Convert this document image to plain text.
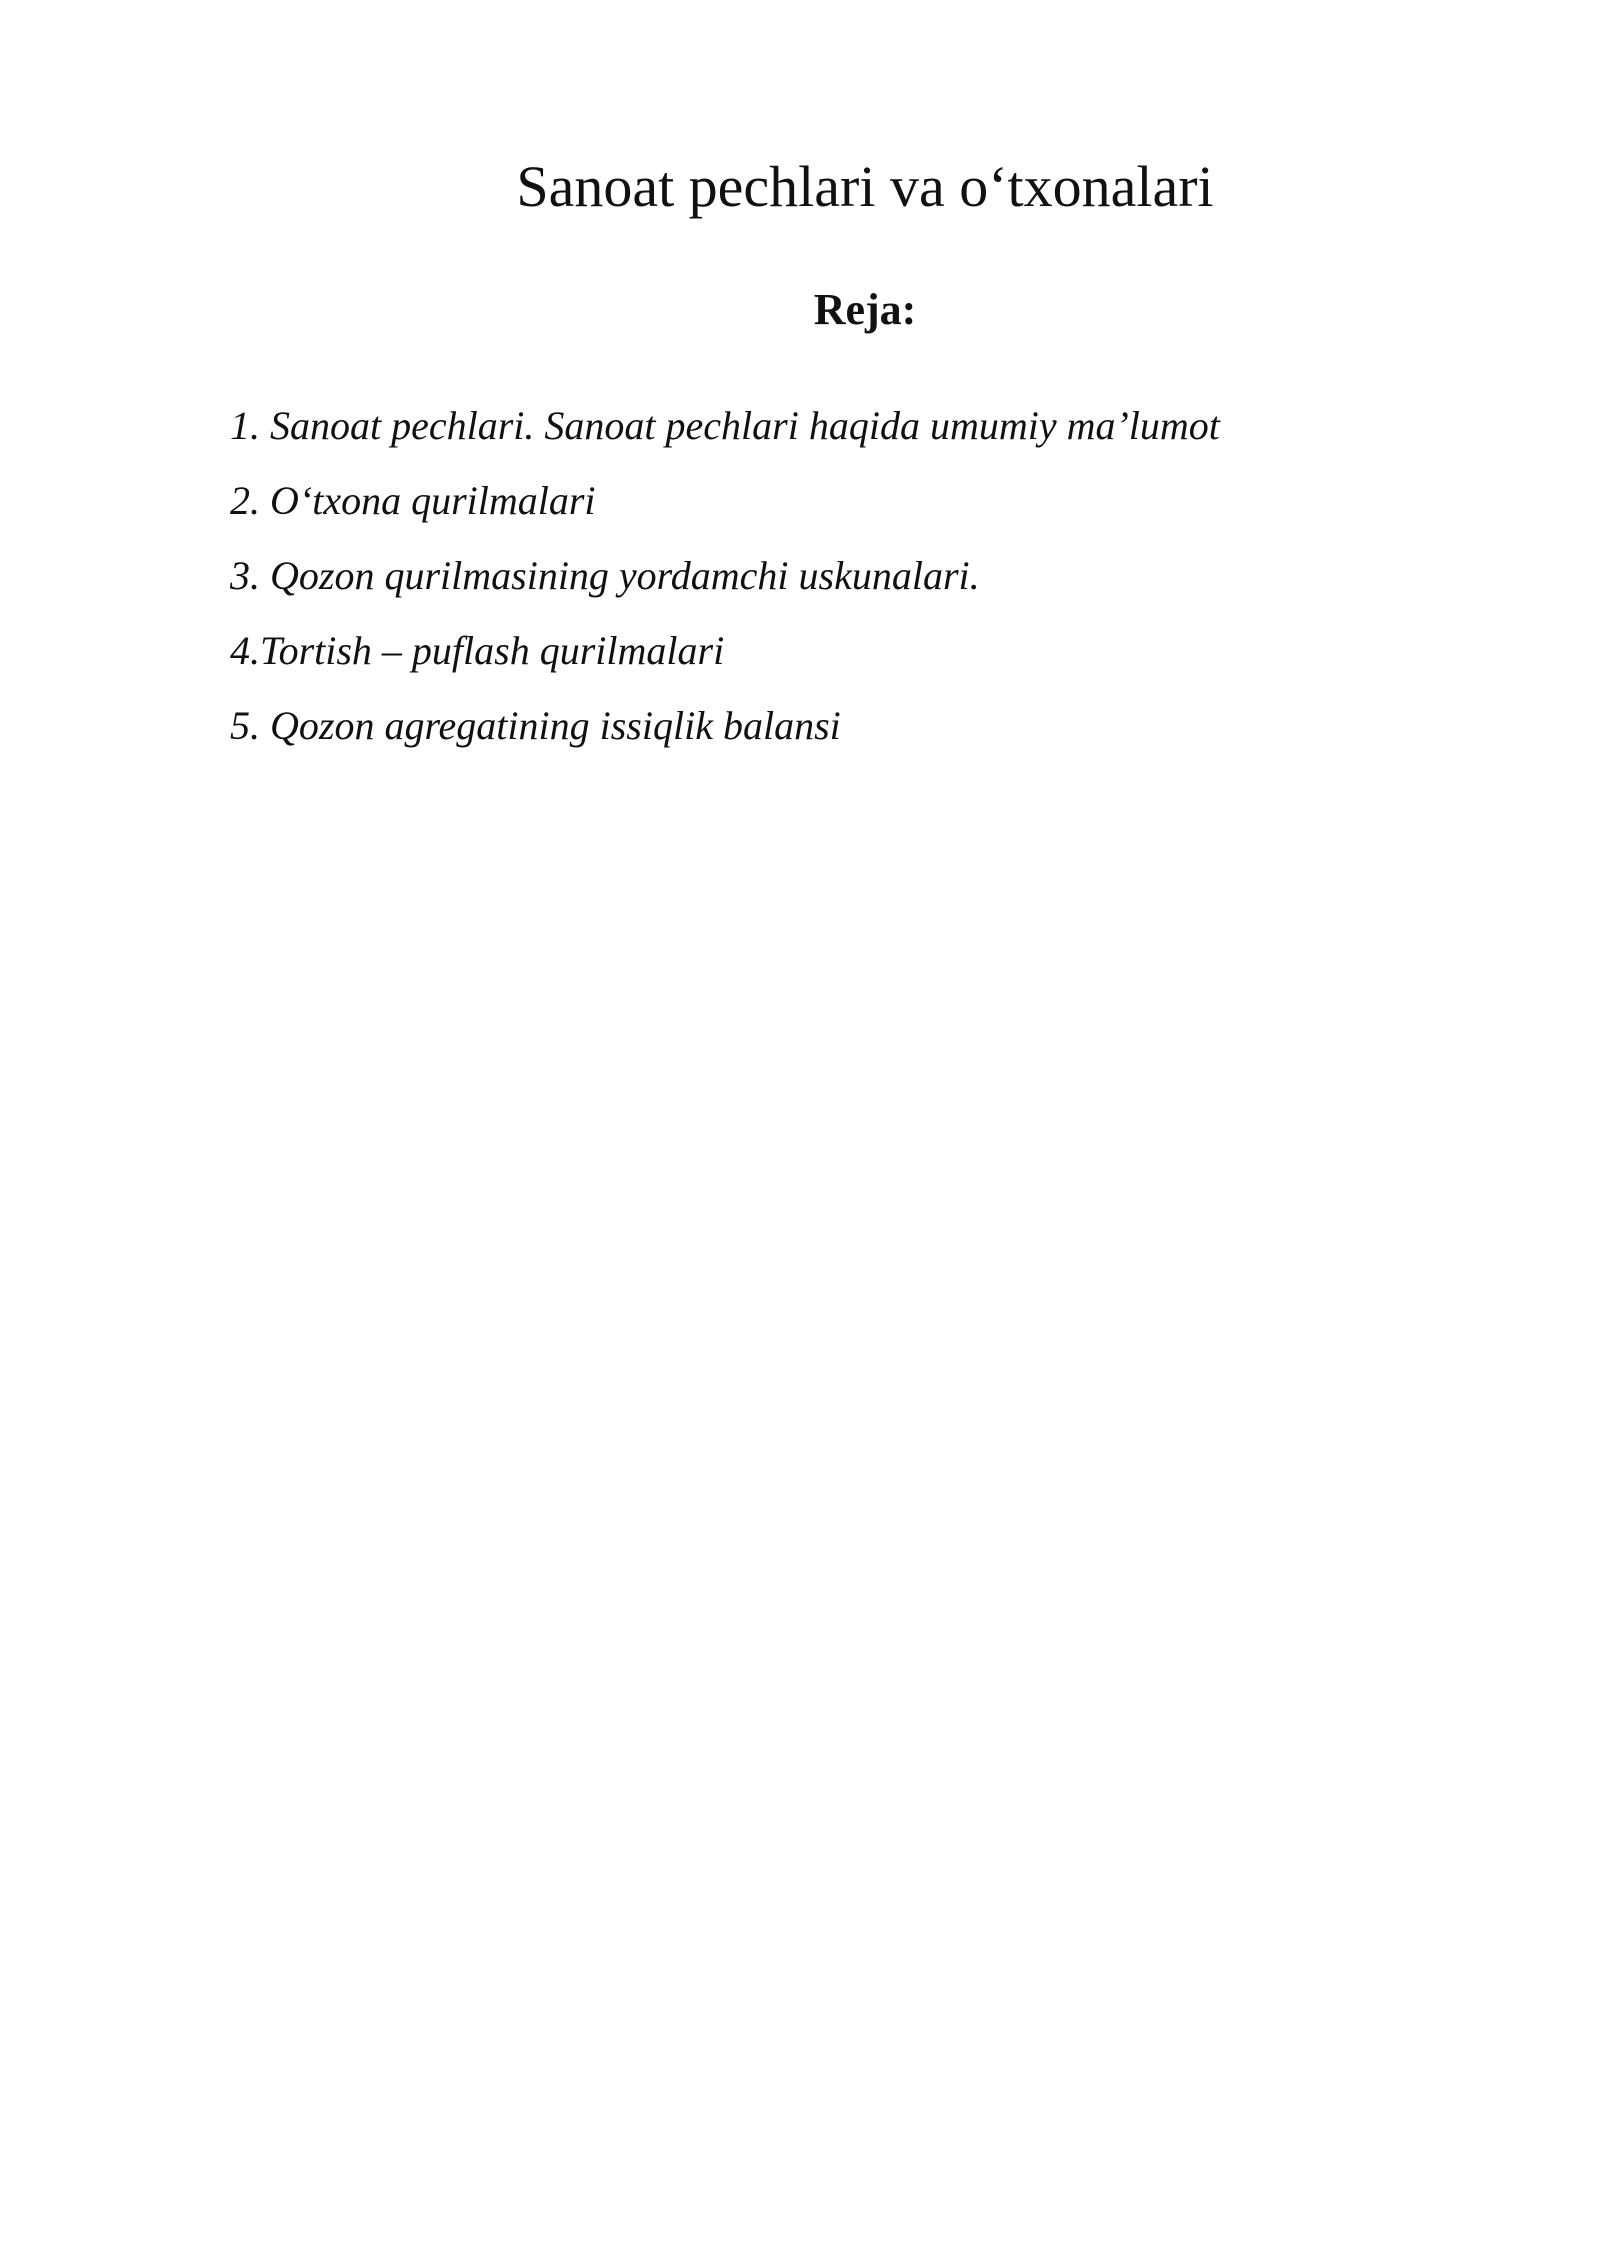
Sanoat pechlari va o‘txonalari
Reja:
1. Sanoat pechlari. Sanoat pechlari haqida umumiy ma’lumot
2. O‘txona qurilmalari
3. Qozon qurilmasining yordamchi uskunalari.
4.Tortish – puflash qurilmalari
5. Qozon agregatining issiqlik balansi
